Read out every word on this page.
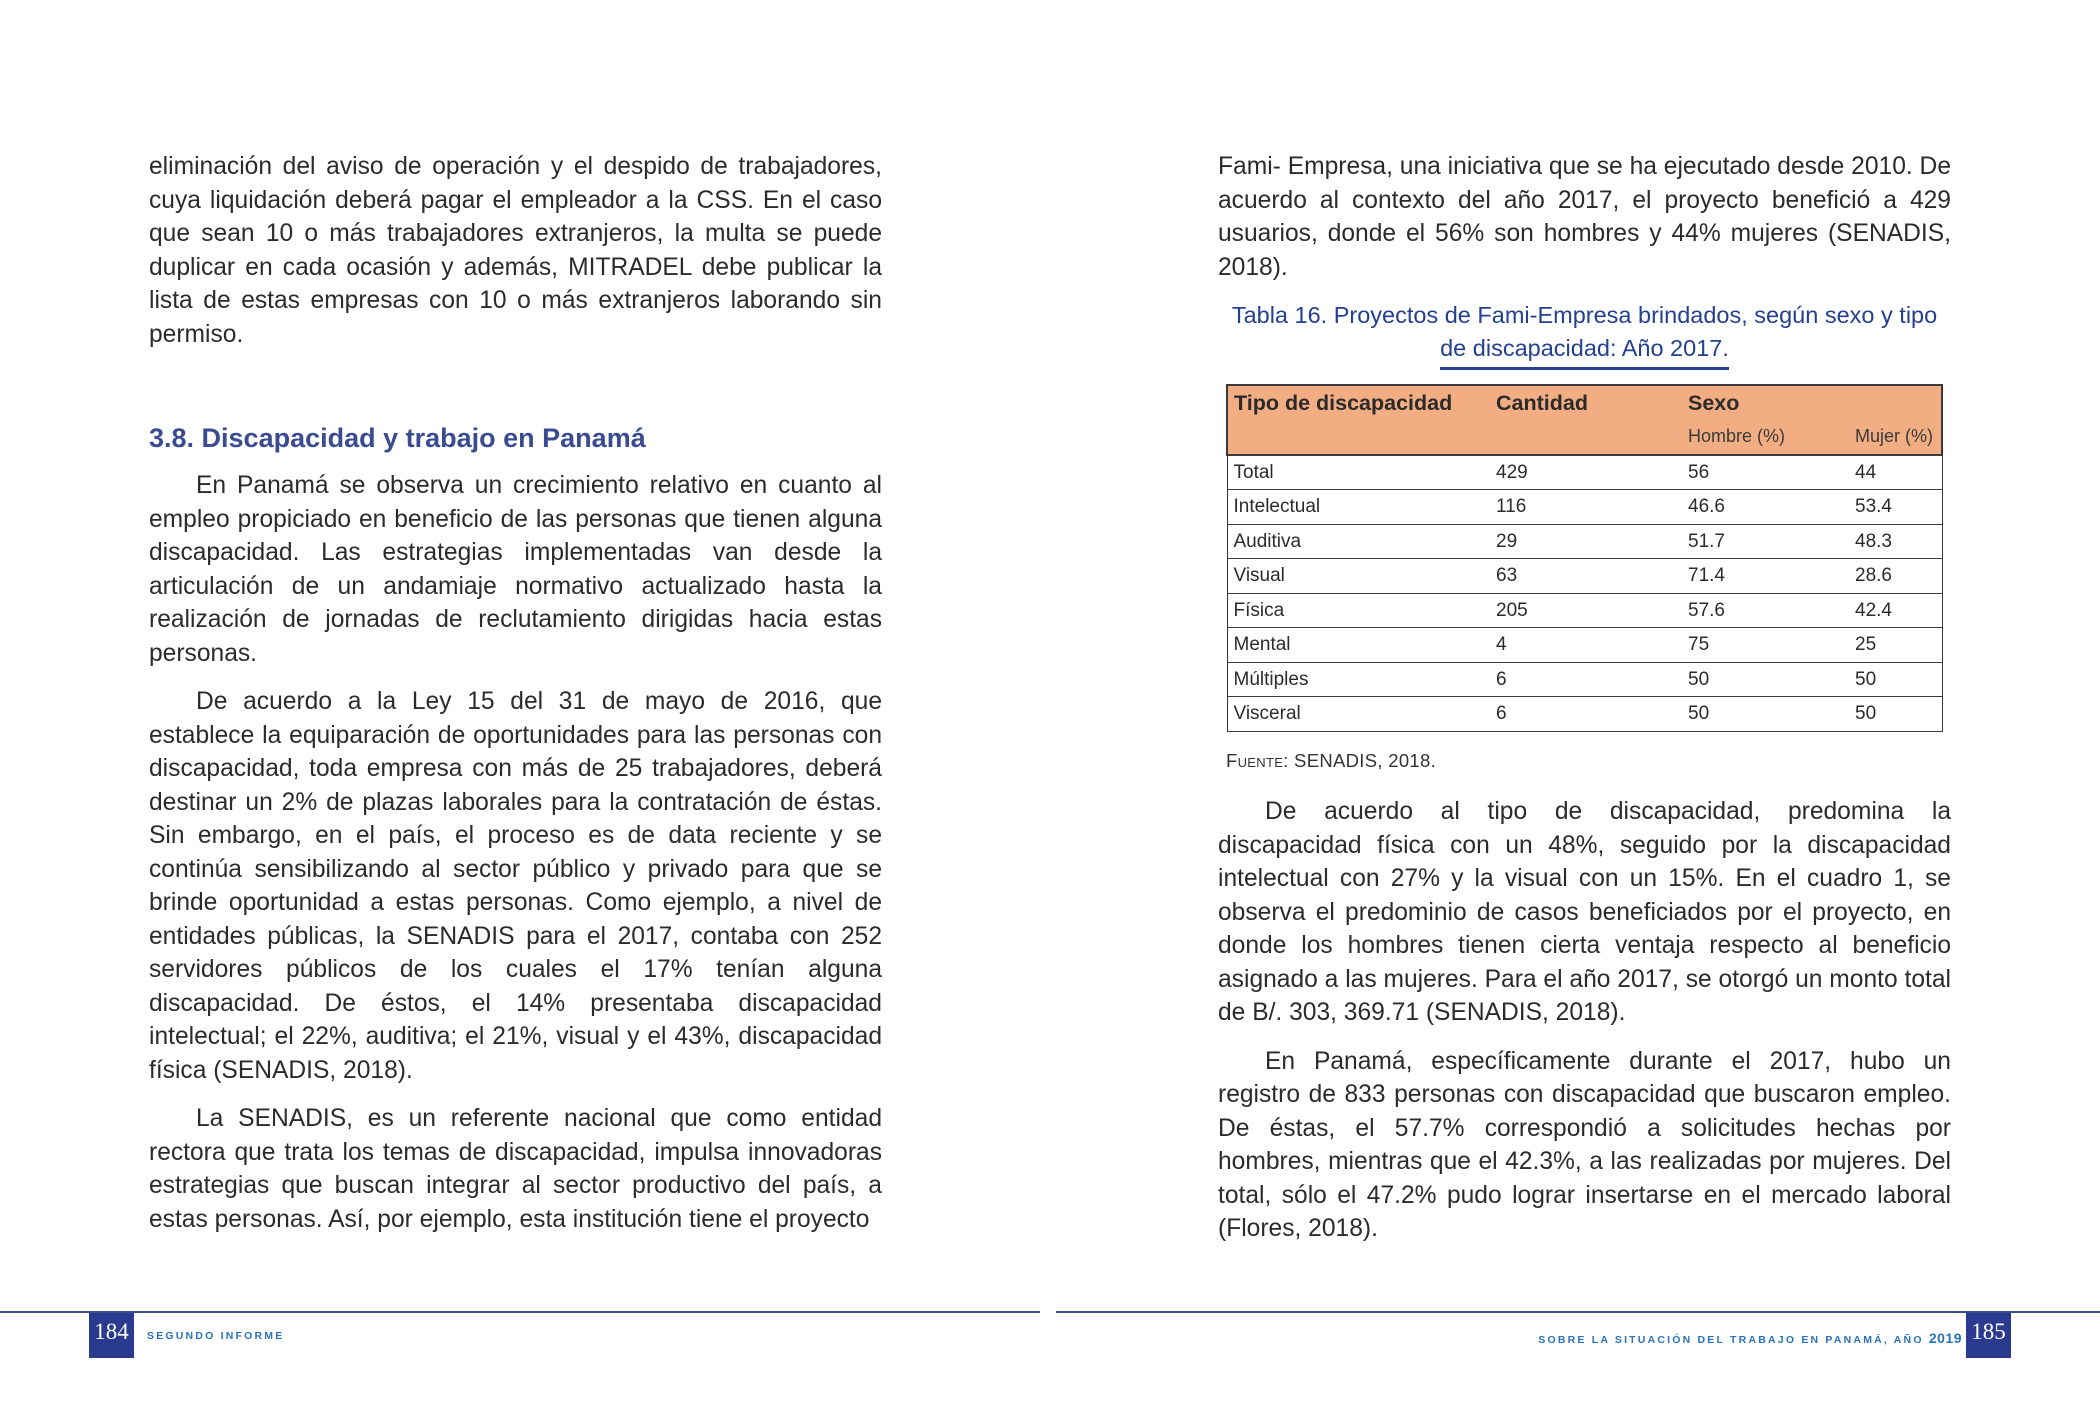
eliminación del aviso de operación y el despido de trabajadores, cuya liquidación deberá pagar el empleador a la CSS. En el caso que sean 10 o más trabajadores extranjeros, la multa se puede duplicar en cada ocasión y además, MITRADEL debe publicar la lista de estas empresas con 10 o más extranjeros laborando sin permiso.

3.8. Discapacidad y trabajo en Panamá

En Panamá se observa un crecimiento relativo en cuanto al empleo propiciado en beneficio de las personas que tienen alguna discapacidad. Las estrategias implementadas van desde la articulación de un andamiaje normativo actualizado hasta la realización de jornadas de reclutamiento dirigidas hacia estas personas.

De acuerdo a la Ley 15 del 31 de mayo de 2016, que establece la equiparación de oportunidades para las personas con discapacidad, toda empresa con más de 25 trabajadores, deberá destinar un 2% de plazas laborales para la contratación de éstas. Sin embargo, en el país, el proceso es de data reciente y se continúa sensibilizando al sector público y privado para que se brinde oportunidad a estas personas. Como ejemplo, a nivel de entidades públicas, la SENADIS para el 2017, contaba con 252 servidores públicos de los cuales el 17% tenían alguna discapacidad. De éstos, el 14% presentaba discapacidad intelectual; el 22%, auditiva; el 21%, visual y el 43%, discapacidad física (SENADIS, 2018).

La SENADIS, es un referente nacional que como entidad rectora que trata los temas de discapacidad, impulsa innovadoras estrategias que buscan integrar al sector productivo del país, a estas personas. Así, por ejemplo, esta institución tiene el proyecto

184	SEGUNDO INFORME

Fami- Empresa, una iniciativa que se ha ejecutado desde 2010. De acuerdo al contexto del año 2017, el proyecto benefició a 429 usuarios, donde el 56% son hombres y 44% mujeres (SENADIS, 2018).

Tabla 16. Proyectos de Fami-Empresa brindados, según sexo y tipo
de discapacidad: Año 2017.
Tipo de discapacidad	Cantidad	Sexo	
		Hombre (%)	Mujer (%)
Total	429	56	44
Intelectual	116	46.6	53.4
Auditiva	29	51.7	48.3
Visual	63	71.4	28.6
Física	205	57.6	42.4
Mental	4	75	25
Múltiples	6	50	50
Visceral	6	50	50
Fuente: SENADIS, 2018.

De acuerdo al tipo de discapacidad, predomina la discapacidad física con un 48%, seguido por la discapacidad intelectual con 27% y la visual con un 15%. En el cuadro 1, se observa el predominio de casos beneficiados por el proyecto, en donde los hombres tienen cierta ventaja respecto al beneficio asignado a las mujeres. Para el año 2017, se otorgó un monto total de B/. 303, 369.71 (SENADIS, 2018).

En Panamá, específicamente durante el 2017, hubo un registro de 833 personas con discapacidad que buscaron empleo. De éstas, el 57.7% correspondió a solicitudes hechas por hombres, mientras que el 42.3%, a las realizadas por mujeres. Del total, sólo el 47.2% pudo lograr insertarse en el mercado laboral (Flores, 2018).

SOBRE LA SITUACIÓN DEL TRABAJO EN PANAMÁ, AÑO 2019 185
